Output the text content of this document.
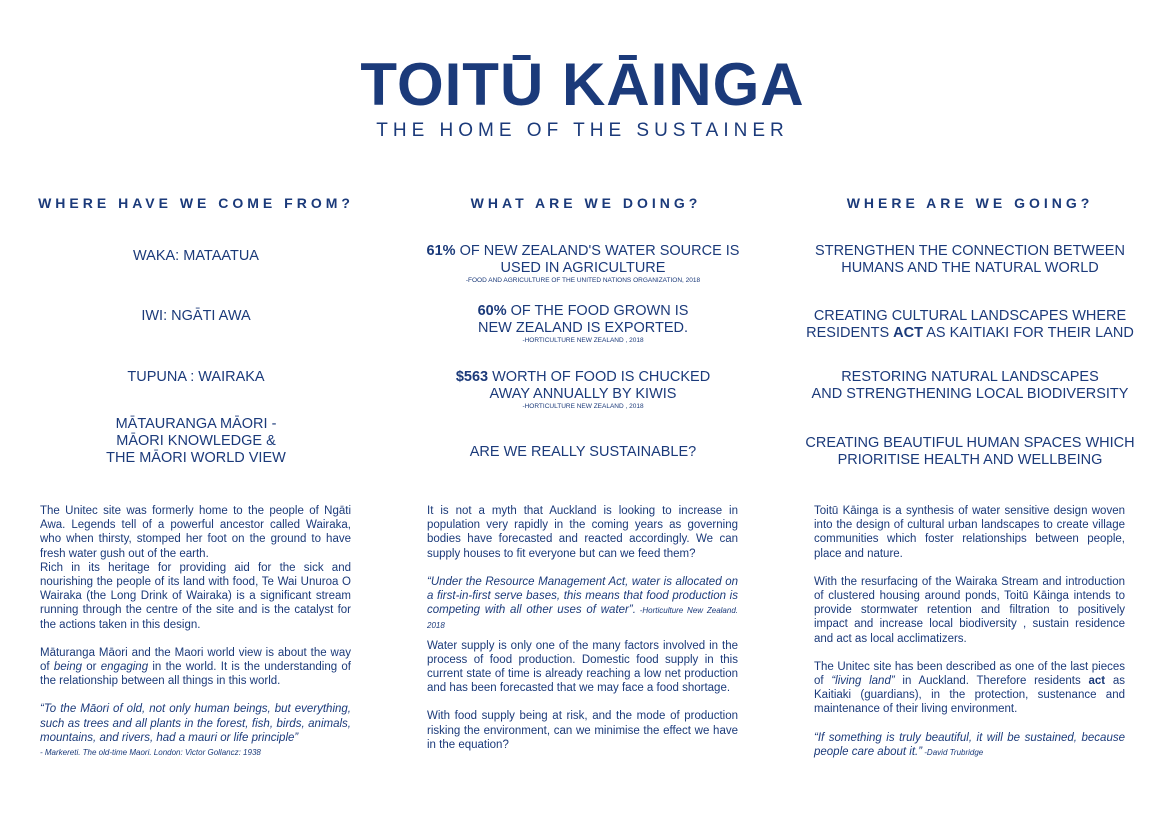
TOITŪ KĀINGA
THE HOME OF THE SUSTAINER
WHERE HAVE WE COME FROM?	WHAT ARE WE DOING?	WHERE ARE WE GOING?
WAKA: MATAATUA
IWI: NGĀTI AWA
TUPUNA : WAIRAKA
MĀTAURANGA MĀORI -
MĀORI KNOWLEDGE &
THE MĀORI WORLD VIEW
61% OF NEW ZEALAND'S WATER SOURCE IS
USED IN AGRICULTURE
-FOOD AND AGRICULTURE OF THE UNITED NATIONS ORGANIZATION, 2018
60% OF THE FOOD GROWN IS
NEW ZEALAND IS EXPORTED.
-HORTICULTURE NEW ZEALAND , 2018
$563 WORTH OF FOOD IS CHUCKED
AWAY ANNUALLY BY KIWIS
-HORTICULTURE NEW ZEALAND , 2018
ARE WE REALLY SUSTAINABLE?
STRENGTHEN THE CONNECTION BETWEEN
HUMANS AND THE NATURAL WORLD
CREATING CULTURAL LANDSCAPES WHERE
RESIDENTS ACT AS KAITIAKI FOR THEIR LAND
RESTORING NATURAL LANDSCAPES
AND STRENGTHENING LOCAL BIODIVERSITY
CREATING BEAUTIFUL HUMAN SPACES WHICH
PRIORITISE HEALTH AND WELLBEING

The Unitec site was formerly home to the people of Ngāti Awa. Legends tell of a powerful ancestor called Wairaka, who when thirsty, stomped her foot on the ground to have fresh water gush out of the earth.

Rich in its heritage for providing aid for the sick and nourishing the people of its land with food, Te Wai Unuroa O Wairaka (the Long Drink of Wairaka) is a significant stream running through the centre of the site and is the catalyst for the actions taken in this design.

Māturanga Māori and the Maori world view is about the way of being or engaging in the world. It is the understanding of the relationship between all things in this world.

“To the Māori of old, not only human beings, but everything, such as trees and all plants in the forest, fish, birds, animals, mountains, and rivers, had a mauri or life principle”
- Markereti. The old-time Maori. London: Victor Gollancz: 1938

It is not a myth that Auckland is looking to increase in population very rapidly in the coming years as governing bodies have forecasted and reacted accordingly. We can supply houses to fit everyone but can we feed them?

“Under the Resource Management Act, water is allocated on a first-in-first serve bases, this means that food production is competing with all other uses of water”. -Horticulture New Zealand. 2018

Water supply is only one of the many factors involved in the process of food production. Domestic food supply in this current state of time is already reaching a low net production and has been forecasted that we may face a food shortage.

With food supply being at risk, and the mode of production risking the environment, can we minimise the effect we have in the equation?

Toitū Kāinga is a synthesis of water sensitive design woven into the design of cultural urban landscapes to create village communities which foster relationships between people, place and nature.

With the resurfacing of the Wairaka Stream and introduction of clustered housing around ponds, Toitū Kāinga intends to provide stormwater retention and filtration to positively impact and increase local biodiversity , sustain residence and act as local acclimatizers.

The Unitec site has been described as one of the last pieces of “living land” in Auckland. Therefore residents act as Kaitiaki (guardians), in the protection, sustenance and maintenance of their living environment.

“If something is truly beautiful, it will be sustained, because people care about it.” -David Trubridge
